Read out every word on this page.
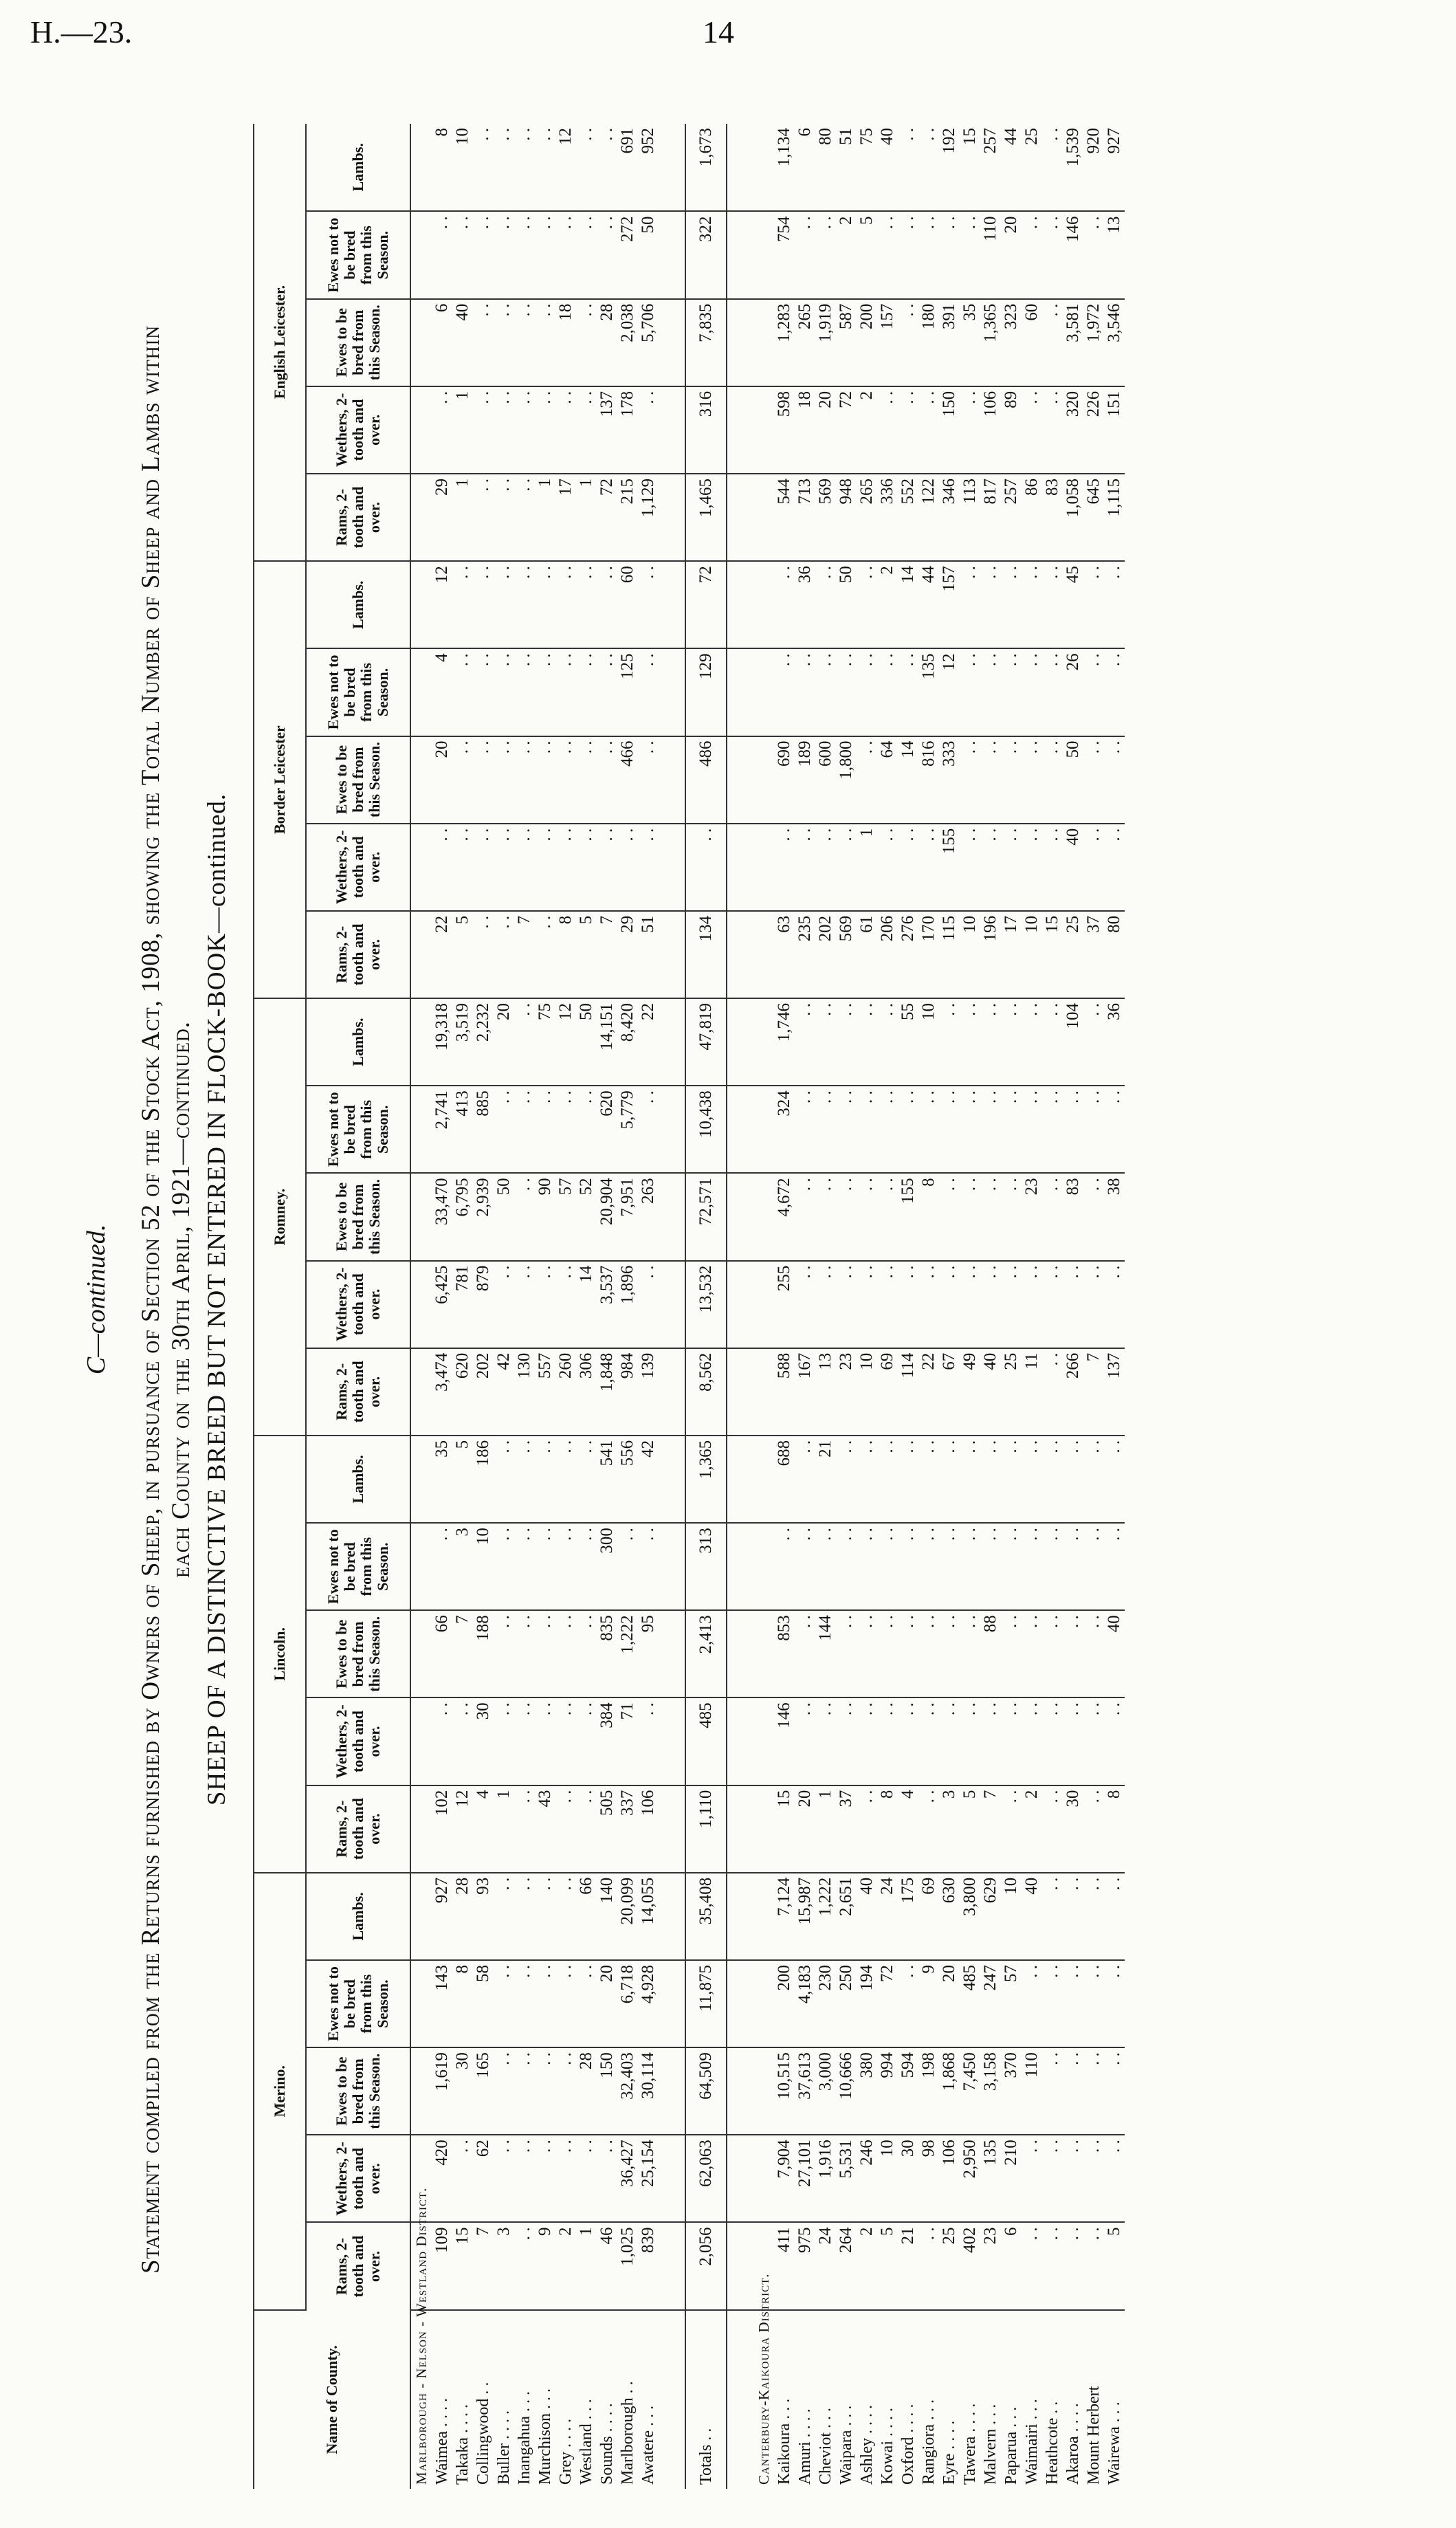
H.—23.	14
C—continued. Statement compiled from the Returns furnished by Owners of Sheep, in pursuance of Section 52 of the Stock Act, 1908, showing the Total Number of Sheep and Lambs within each County on the 30th April, 1921—continued. SHEEP OF A DISTINCTIVE BREED BUT NOT ENTERED IN FLOCK-BOOK—continued.
Name of County.	Merino.					Lincoln.					Romney.					Border Leicester					English Leicester.				
	Rams, 2-tooth and over.	Wethers, 2-tooth and over.	Ewes to be bred from this Season.	Ewes not to be bred from this Season.	Lambs.	Rams, 2-tooth and over.	Wethers, 2-tooth and over.	Ewes to be bred from this Season.	Ewes not to be bred from this Season.	Lambs.	Rams, 2-tooth and over.	Wethers, 2-tooth and over.	Ewes to be bred from this Season.	Ewes not to be bred from this Season.	Lambs.	Rams, 2-tooth and over.	Wethers, 2-tooth and over.	Ewes to be bred from this Season.	Ewes not to be bred from this Season.	Lambs.	Rams, 2-tooth and over.	Wethers, 2-tooth and over.	Ewes to be bred from this Season.	Ewes not to be bred from this Season.	Lambs.
Marlborough - Nelson - Westland District.																									
Waimea . . . .	109	420	1,619	143	927	102	. .	66	. .	35	3,474	6,425	33,470	2,741	19,318	22	. .	20	4	12	29	. .	6	. .	8
Takaka . . . .	15	. .	30	8	28	12	. .	7	3	5	620	781	6,795	413	3,519	5	. .	. .	. .	. .	1	1	40	. .	10
Collingwood . .	7	62	165	58	93	4	30	188	10	186	202	879	2,939	885	2,232	. .	. .	. .	. .	. .	. .	. .	. .	. .	. .
Buller . . . .	3	. .	. .	. .	. .	1	. .	. .	. .	. .	42	. .	50	. .	20	. .	. .	. .	. .	. .	. .	. .	. .	. .	. .
Inangahua . . .	. .	. .	. .	. .	. .	. .	. .	. .	. .	. .	130	. .	. .	. .	. .	7	. .	. .	. .	. .	. .	. .	. .	. .	. .
Murchison . . .	9	. .	. .	. .	. .	43	. .	. .	. .	. .	557	. .	90	. .	75	. .	. .	. .	. .	. .	1	. .	. .	. .	. .
Grey . . . .	2	. .	. .	. .	. .	. .	. .	. .	. .	. .	260	. .	57	. .	12	8	. .	. .	. .	. .	17	. .	18	. .	12
Westland . . .	1	. .	28	. .	66	. .	. .	. .	. .	. .	306	14	52	. .	50	5	. .	. .	. .	. .	1	. .	. .	. .	. .
Sounds . . . .	46	. .	150	20	140	505	384	835	300	541	1,848	3,537	20,904	620	14,151	7	. .	. .	. .	. .	72	137	28	. .	. .
Marlborough . .	1,025	36,427	32,403	6,718	20,099	337	71	1,222	. .	556	984	1,896	7,951	5,779	8,420	29	. .	466	125	60	215	178	2,038	272	691
Awatere . . .	839	25,154	30,114	4,928	14,055	106	. .	95	. .	42	139	. .	263	. .	22	51	. .	. .	. .	. .	1,129	. .	5,706	50	952

Totals . .	2,056	62,063	64,509	11,875	35,408	1,110	485	2,413	313	1,365	8,562	13,532	72,571	10,438	47,819	134	. .	486	129	72	1,465	316	7,835	322	1,673

Canterbury-Kaikoura District.																									
Kaikoura . . .	411	7,904	10,515	200	7,124	15	146	853	. .	688	588	255	4,672	324	1,746	63	. .	690	. .	. .	544	598	1,283	754	1,134
Amuri . . . .	975	27,101	37,613	4,183	15,987	20	. .	. .	. .	. .	167	. .	. .	. .	. .	235	. .	189	. .	36	713	18	265	. .	6
Cheviot . . .	24	1,916	3,000	230	1,222	1	. .	144	. .	21	13	. .	. .	. .	. .	202	. .	600	. .	. .	569	20	1,919	. .	80
Waipara . . .	264	5,531	10,666	250	2,651	37	. .	. .	. .	. .	23	. .	. .	. .	. .	569	. .	1,800	. .	50	948	72	587	2	51
Ashley . . . .	2	246	380	194	40	. .	. .	. .	. .	. .	10	. .	. .	. .	. .	61	1	. .	. .	. .	265	2	200	5	75
Kowai . . . .	5	10	994	72	24	8	. .	. .	. .	. .	69	. .	. .	. .	. .	206	. .	64	. .	2	336	. .	157	. .	40
Oxford . . . .	21	30	594	. .	175	4	. .	. .	. .	. .	114	. .	155	. .	55	276	. .	14	. .	14	552	. .	. .	. .	. .
Rangiora . . .	. .	98	198	9	69	. .	. .	. .	. .	. .	22	. .	8	. .	10	170	. .	816	135	44	122	. .	180	. .	. .
Eyre . . . .	25	106	1,868	20	630	3	. .	. .	. .	. .	67	. .	. .	. .	. .	115	155	333	12	157	346	150	391	. .	192
Tawera . . . .	402	2,950	7,450	485	3,800	5	. .	. .	. .	. .	49	. .	. .	. .	. .	10	. .	. .	. .	. .	113	. .	35	. .	15
Malvern . . .	23	135	3,158	247	629	7	. .	88	. .	. .	40	. .	. .	. .	. .	196	. .	. .	. .	. .	817	106	1,365	110	257
Paparua . . .	6	210	370	57	10	. .	. .	. .	. .	. .	25	. .	. .	. .	. .	17	. .	. .	. .	. .	257	89	323	20	44
Waimairi . . .	. .	. .	110	. .	40	2	. .	. .	. .	. .	11	. .	23	. .	. .	10	. .	. .	. .	. .	86	. .	60	. .	25
Heathcote . .	. .	. .	. .	. .	. .	. .	. .	. .	. .	. .	. .	. .	. .	. .	. .	15	. .	. .	. .	. .	83	. .	. .	. .	. .
Akaroa . . . .	. .	. .	. .	. .	. .	30	. .	. .	. .	. .	266	. .	83	. .	104	25	40	50	26	45	1,058	320	3,581	146	1,539
Mount Herbert	. .	. .	. .	. .	. .	. .	. .	. .	. .	. .	7	. .	. .	. .	. .	37	. .	. .	. .	. .	645	226	1,972	. .	920
Wairewa . . .	5	. .	. .	. .	. .	8	. .	40	. .	. .	137	. .	38	. .	36	80	. .	. .	. .	. .	1,115	151	3,546	13	927
